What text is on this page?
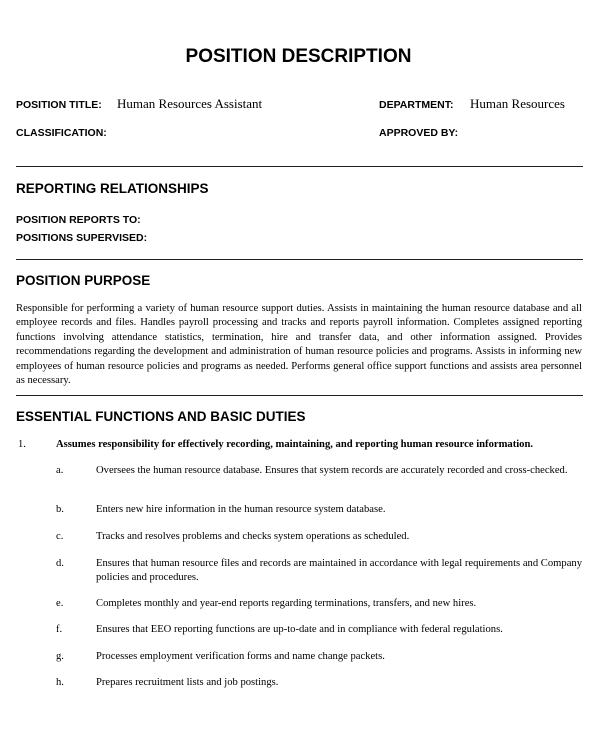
POSITION DESCRIPTION
POSITION TITLE: Human Resources Assistant	DEPARTMENT: Human Resources
CLASSIFICATION:	APPROVED BY:
REPORTING RELATIONSHIPS
POSITION REPORTS TO:
POSITIONS SUPERVISED:
POSITION PURPOSE
Responsible for performing a variety of human resource support duties. Assists in maintaining the human resource database and all employee records and files. Handles payroll processing and tracks and reports payroll information. Completes assigned reporting functions involving attendance statistics, termination, hire and transfer data, and other information assigned. Provides recommendations regarding the development and administration of human resource policies and programs. Assists in informing new employees of human resource policies and programs as needed. Performs general office support functions and assists area personnel as necessary.
ESSENTIAL FUNCTIONS AND BASIC DUTIES
1.	Assumes responsibility for effectively recording, maintaining, and reporting human resource information.
a.	Oversees the human resource database. Ensures that system records are accurately recorded and cross-checked.
b.	Enters new hire information in the human resource system database.
c.	Tracks and resolves problems and checks system operations as scheduled.
d.	Ensures that human resource files and records are maintained in accordance with legal requirements and Company policies and procedures.
e.	Completes monthly and year-end reports regarding terminations, transfers, and new hires.
f.	Ensures that EEO reporting functions are up-to-date and in compliance with federal regulations.
g.	Processes employment verification forms and name change packets.
h.	Prepares recruitment lists and job postings.
